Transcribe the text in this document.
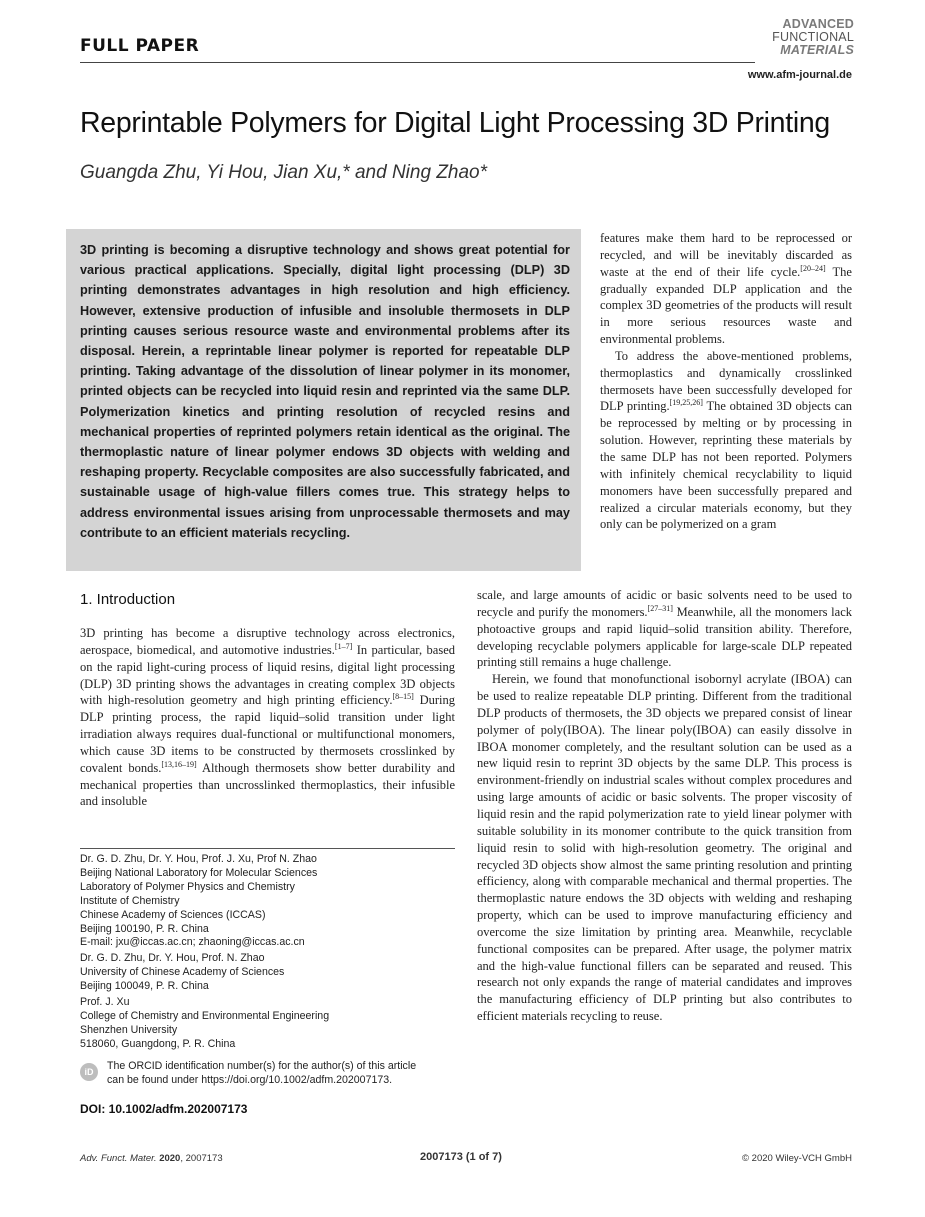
FULL PAPER
ADVANCED
FUNCTIONAL
MATERIALS
www.afm-journal.de
Reprintable Polymers for Digital Light Processing 3D Printing
Guangda Zhu, Yi Hou, Jian Xu,* and Ning Zhao*
3D printing is becoming a disruptive technology and shows great potential for various practical applications. Specially, digital light processing (DLP) 3D printing demonstrates advantages in high resolution and high efficiency. However, extensive production of infusible and insoluble thermosets in DLP printing causes serious resource waste and environmental problems after its disposal. Herein, a reprintable linear polymer is reported for repeatable DLP printing. Taking advantage of the dissolution of linear polymer in its monomer, printed objects can be recycled into liquid resin and reprinted via the same DLP. Polymerization kinetics and printing resolution of recycled resins and mechanical properties of reprinted polymers retain identical as the original. The thermoplastic nature of linear polymer endows 3D objects with welding and reshaping property. Recyclable composites are also successfully fabricated, and sustainable usage of high-value fillers comes true. This strategy helps to address environmental issues arising from unprocessable thermosets and may contribute to an efficient materials recycling.

features make them hard to be reprocessed or recycled, and will be inevitably discarded as waste at the end of their life cycle.[20–24] The gradually expanded DLP application and the complex 3D geometries of the products will result in more serious resources waste and environmental problems.

To address the above-mentioned problems, thermoplastics and dynamically crosslinked thermosets have been successfully developed for DLP printing.[19,25,26] The obtained 3D objects can be reprocessed by melting or by processing in solution. However, reprinting these materials by the same DLP has not been reported. Polymers with infinitely chemical recyclability to liquid monomers have been successfully prepared and realized a circular materials economy, but they only can be polymerized on a gram

1. Introduction

3D printing has become a disruptive technology across electronics, aerospace, biomedical, and automotive industries.[1–7] In particular, based on the rapid light-curing process of liquid resins, digital light processing (DLP) 3D printing shows the advantages in creating complex 3D objects with high-resolution geometry and high printing efficiency.[8–15] During DLP printing process, the rapid liquid–solid transition under light irradiation always requires dual-functional or multifunctional monomers, which cause 3D items to be constructed by thermosets crosslinked by covalent bonds.[13,16–19] Although thermosets show better durability and mechanical properties than uncrosslinked thermoplastics, their infusible and insoluble

scale, and large amounts of acidic or basic solvents need to be used to recycle and purify the monomers.[27–31] Meanwhile, all the monomers lack photoactive groups and rapid liquid–solid transition ability. Therefore, developing recyclable polymers applicable for large-scale DLP repeated printing still remains a huge challenge.

Herein, we found that monofunctional isobornyl acrylate (IBOA) can be used to realize repeatable DLP printing. Different from the traditional DLP products of thermosets, the 3D objects we prepared consist of linear polymer of poly(IBOA). The linear poly(IBOA) can easily dissolve in IBOA monomer completely, and the resultant solution can be used as a new liquid resin to reprint 3D objects by the same DLP. This process is environment-friendly on industrial scales without complex procedures and using large amounts of acidic or basic solvents. The proper viscosity of liquid resin and the rapid polymerization rate to yield linear polymer with suitable solubility in its monomer contribute to the quick transition from liquid resin to solid with high-resolution geometry. The original and recycled 3D objects show almost the same printing resolution and printing efficiency, along with comparable mechanical and thermal properties. The thermoplastic nature endows the 3D objects with welding and reshaping property, which can be used to improve manufacturing efficiency and overcome the size limitation by printing area. Meanwhile, recyclable functional composites can be prepared. After usage, the polymer matrix and the high-value functional fillers can be separated and reused. This research not only expands the range of material candidates and improves the manufacturing efficiency of DLP printing but also contributes to efficient materials recycling to reuse.

Dr. G. D. Zhu, Dr. Y. Hou, Prof. J. Xu, Prof N. Zhao
Beijing National Laboratory for Molecular Sciences
Laboratory of Polymer Physics and Chemistry
Institute of Chemistry
Chinese Academy of Sciences (ICCAS)
Beijing 100190, P. R. China
E-mail: jxu@iccas.ac.cn; zhaoning@iccas.ac.cn
Dr. G. D. Zhu, Dr. Y. Hou, Prof. N. Zhao
University of Chinese Academy of Sciences
Beijing 100049, P. R. China
Prof. J. Xu
College of Chemistry and Environmental Engineering
Shenzhen University
518060, Guangdong, P. R. China
iD	The ORCID identification number(s) for the author(s) of this article
can be found under https://doi.org/10.1002/adfm.202007173.
DOI: 10.1002/adfm.202007173
Adv. Funct. Mater. 2020, 2007173	2007173 (1 of 7)	© 2020 Wiley-VCH GmbH
